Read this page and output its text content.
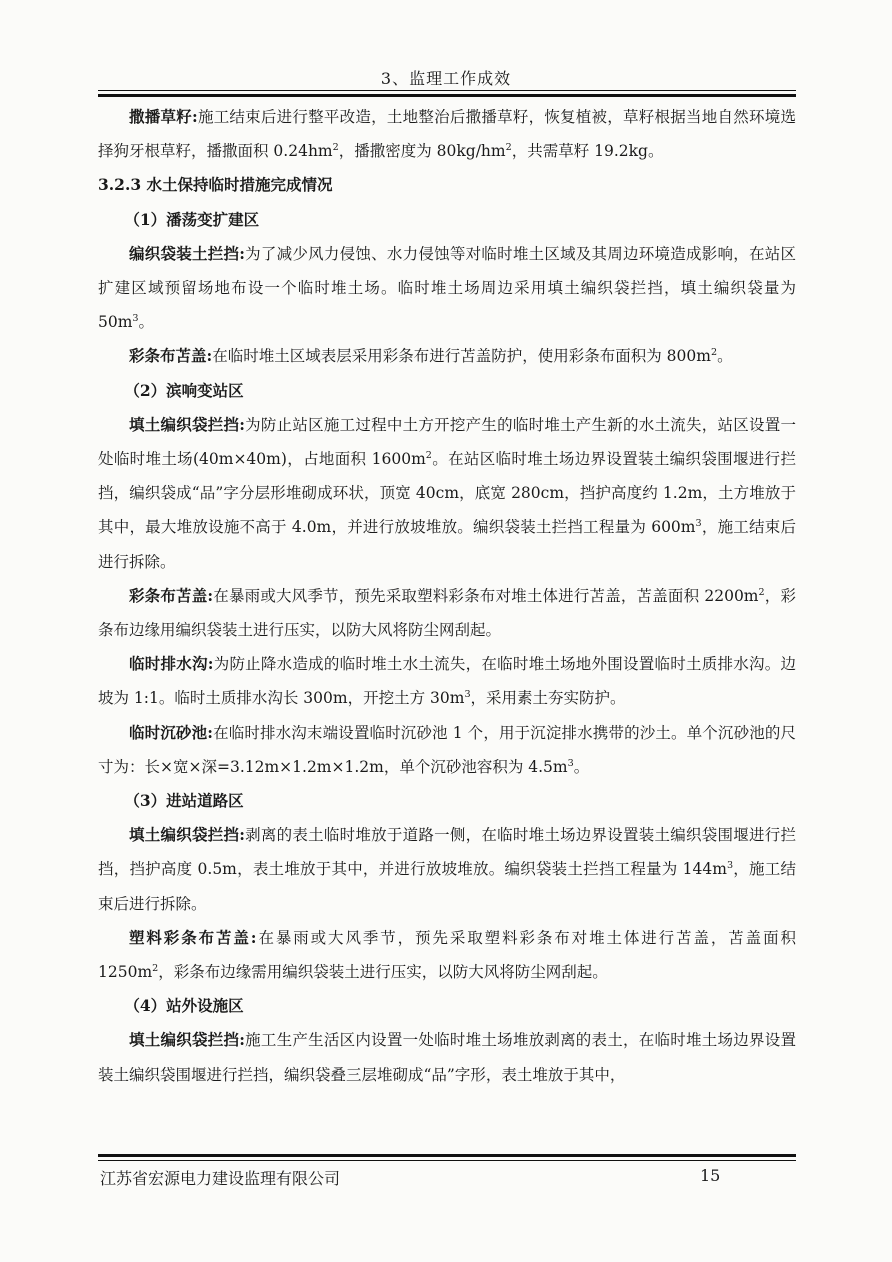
3、监理工作成效

撒播草籽:施工结束后进行整平改造，土地整治后撒播草籽，恢复植被，草籽根据当地自然环境选择狗牙根草籽，播撒面积 $0.24hm^2$，播撒密度为 $80kg/hm^2$，共需草籽 19.2kg。

3.2.3 水土保持临时措施完成情况

（1）潘荡变扩建区

编织袋装土拦挡:为了减少风力侵蚀、水力侵蚀等对临时堆土区域及其周边环境造成影响，在站区扩建区域预留场地布设一个临时堆土场。临时堆土场周边采用填土编织袋拦挡，填土编织袋量为 $50m^3$。

彩条布苫盖:在临时堆土区域表层采用彩条布进行苫盖防护，使用彩条布面积为 $800m^2$。

（2）滨响变站区

填土编织袋拦挡:为防止站区施工过程中土方开挖产生的临时堆土产生新的水土流失，站区设置一处临时堆土场(40m×40m)，占地面积 $1600m^2$。在站区临时堆土场边界设置装土编织袋围堰进行拦挡，编织袋成“品”字分层形堆砌成环状，顶宽 40cm，底宽 280cm，挡护高度约 1.2m，土方堆放于其中，最大堆放设施不高于 4.0m，并进行放坡堆放。编织袋装土拦挡工程量为 $600m^3$，施工结束后进行拆除。

彩条布苫盖:在暴雨或大风季节，预先采取塑料彩条布对堆土体进行苫盖，苫盖面积 $2200m^2$，彩条布边缘用编织袋装土进行压实，以防大风将防尘网刮起。

临时排水沟:为防止降水造成的临时堆土水土流失，在临时堆土场地外围设置临时土质排水沟。边坡为 1:1。临时土质排水沟长 300m，开挖土方 $30m^3$，采用素土夯实防护。

临时沉砂池:在临时排水沟末端设置临时沉砂池 1 个，用于沉淀排水携带的沙土。单个沉砂池的尺寸为：长×宽×深=3.12m×1.2m×1.2m，单个沉砂池容积为 $4.5m^3$。

（3）进站道路区

填土编织袋拦挡:剥离的表土临时堆放于道路一侧，在临时堆土场边界设置装土编织袋围堰进行拦挡，挡护高度 0.5m，表土堆放于其中，并进行放坡堆放。编织袋装土拦挡工程量为 $144m^3$，施工结束后进行拆除。

塑料彩条布苫盖:在暴雨或大风季节，预先采取塑料彩条布对堆土体进行苫盖，苫盖面积 $1250m^2$，彩条布边缘需用编织袋装土进行压实，以防大风将防尘网刮起。

（4）站外设施区

填土编织袋拦挡:施工生产生活区内设置一处临时堆土场堆放剥离的表土，在临时堆土场边界设置装土编织袋围堰进行拦挡，编织袋叠三层堆砌成“品”字形，表土堆放于其中，

江苏省宏源电力建设监理有限公司	15
